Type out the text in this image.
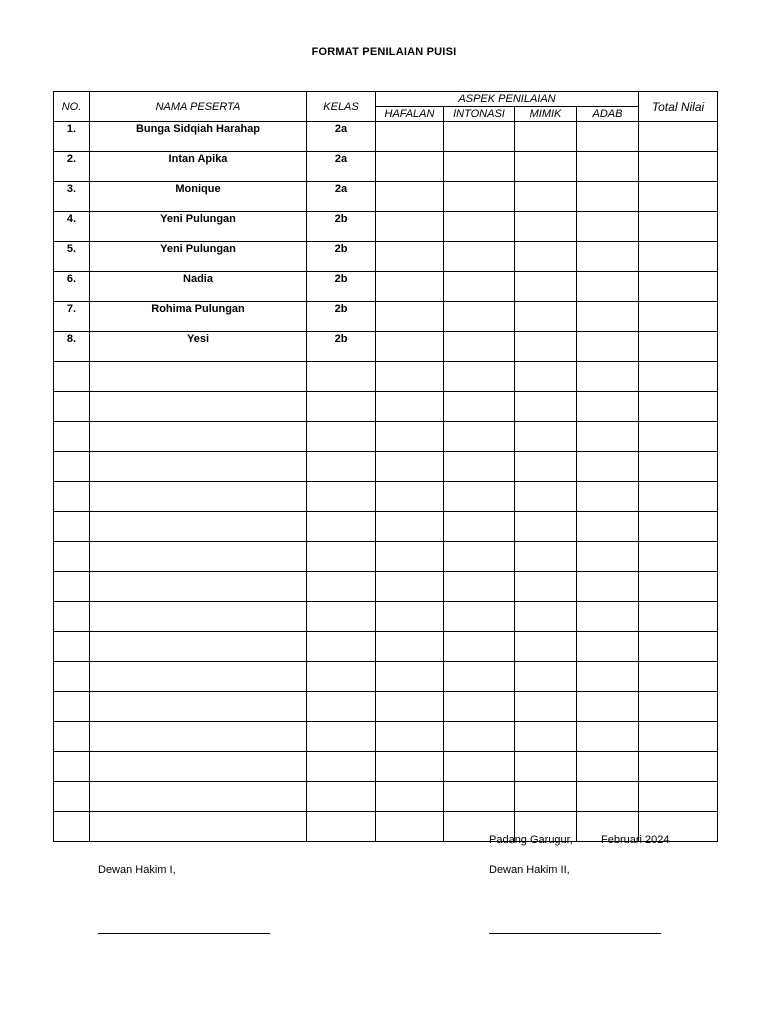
FORMAT PENILAIAN PUISI
NO.	NAMA PESERTA	KELAS	ASPEK PENILAIAN				Total Nilai
			HAFALAN	INTONASI	MIMIK	ADAB	
1.	Bunga Sidqiah Harahap	2a					
2.	Intan Apika	2a					
3.	Monique	2a					
4.	Yeni Pulungan	2b					
5.	Yeni Pulungan	2b					
6.	Nadia	2b					
7.	Rohima Pulungan	2b					
8.	Yesi	2b					

Padang Garugur,	Februari 2024
Dewan Hakim I,	Dewan Hakim II,
